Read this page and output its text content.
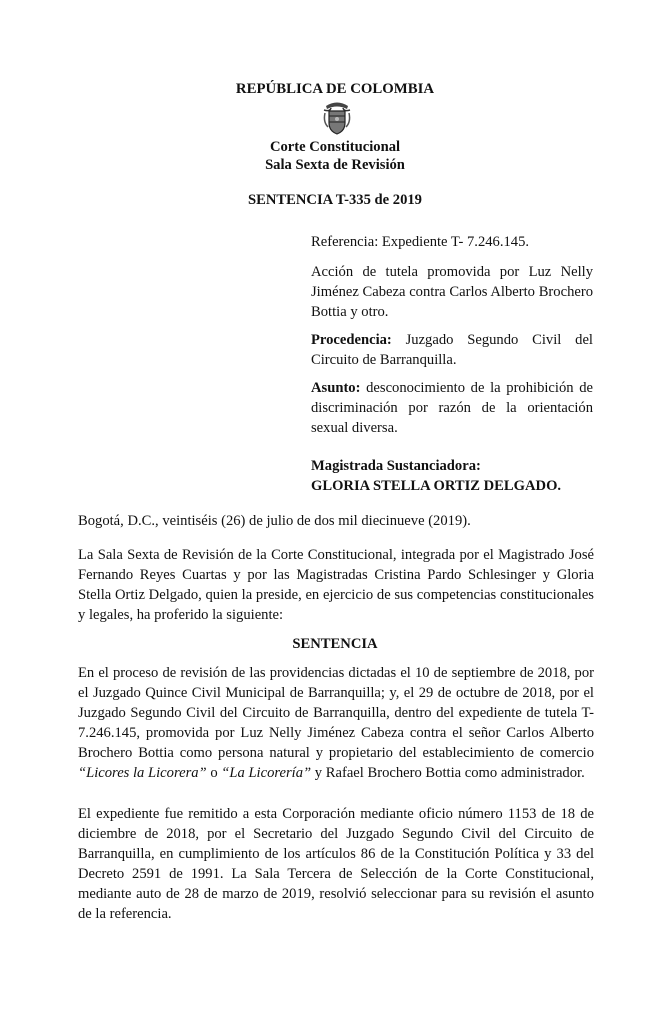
REPÚBLICA DE COLOMBIA
Corte Constitucional
Sala Sexta de Revisión
SENTENCIA T-335 de 2019
Referencia: Expediente T- 7.246.145.
Acción de tutela promovida por Luz Nelly Jiménez Cabeza contra Carlos Alberto Brochero Bottia y otro.
Procedencia: Juzgado Segundo Civil del Circuito de Barranquilla.
Asunto: desconocimiento de la prohibición de discriminación por razón de la orientación sexual diversa.
Magistrada Sustanciadora:
GLORIA STELLA ORTIZ DELGADO.
Bogotá, D.C., veintiséis (26) de julio de dos mil diecinueve (2019).
La Sala Sexta de Revisión de la Corte Constitucional, integrada por el Magistrado José Fernando Reyes Cuartas y por las Magistradas Cristina Pardo Schlesinger y Gloria Stella Ortiz Delgado, quien la preside, en ejercicio de sus competencias constitucionales y legales, ha proferido la siguiente:
SENTENCIA
En el proceso de revisión de las providencias dictadas el 10 de septiembre de 2018, por el Juzgado Quince Civil Municipal de Barranquilla; y, el 29 de octubre de 2018, por el Juzgado Segundo Civil del Circuito de Barranquilla, dentro del expediente de tutela T-7.246.145, promovida por Luz Nelly Jiménez Cabeza contra el señor Carlos Alberto Brochero Bottia como persona natural y propietario del establecimiento de comercio “Licores la Licorera” o “La Licorería” y Rafael Brochero Bottia como administrador.
El expediente fue remitido a esta Corporación mediante oficio número 1153 de 18 de diciembre de 2018, por el Secretario del Juzgado Segundo Civil del Circuito de Barranquilla, en cumplimiento de los artículos 86 de la Constitución Política y 33 del Decreto 2591 de 1991. La Sala Tercera de Selección de la Corte Constitucional, mediante auto de 28 de marzo de 2019, resolvió seleccionar para su revisión el asunto de la referencia.
